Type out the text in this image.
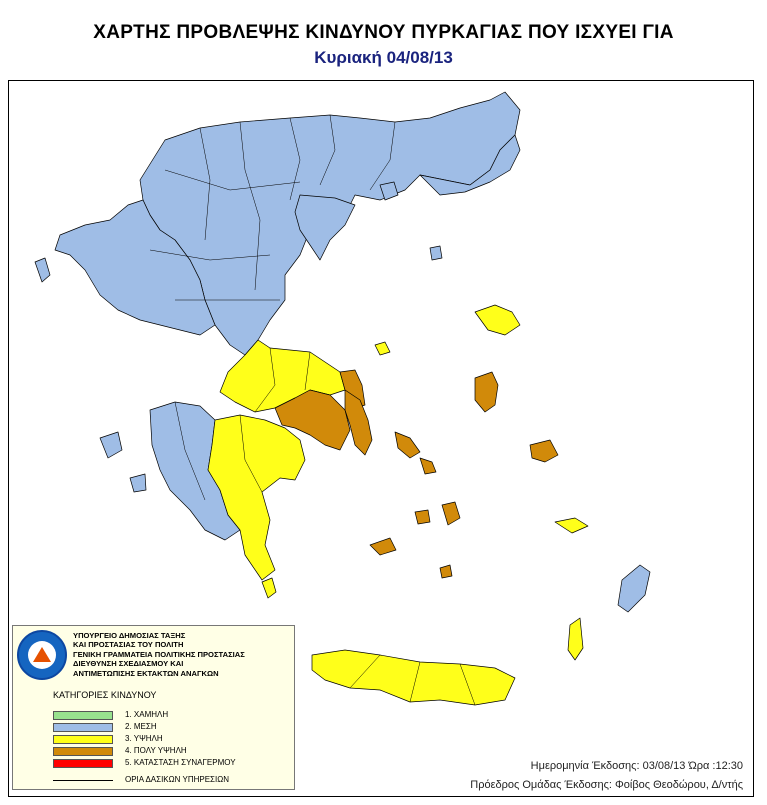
ΧΑΡΤΗΣ ΠΡΟΒΛΕΨΗΣ ΚΙΝΔΥΝΟΥ ΠΥΡΚΑΓΙΑΣ ΠΟΥ ΙΣΧΥΕΙ ΓΙΑ
Κυριακή 04/08/13
ΥΠΟΥΡΓΕΙΟ ΔΗΜΟΣΙΑΣ ΤΑΞΗΣ
ΚΑΙ ΠΡΟΣΤΑΣΙΑΣ ΤΟΥ ΠΟΛΙΤΗ
ΓΕΝΙΚΗ ΓΡΑΜΜΑΤΕΙΑ ΠΟΛΙΤΙΚΗΣ ΠΡΟΣΤΑΣΙΑΣ
ΔΙΕΥΘΥΝΣΗ ΣΧΕΔΙΑΣΜΟΥ ΚΑΙ
ΑΝΤΙΜΕΤΩΠΙΣΗΣ ΕΚΤΑΚΤΩΝ ΑΝΑΓΚΩΝ
ΚΑΤΗΓΟΡΙΕΣ ΚΙΝΔΥΝΟΥ
1. ΧΑΜΗΛΗ
2. ΜΕΣΗ
3. ΥΨΗΛΗ
4. ΠΟΛΥ ΥΨΗΛΗ
5. ΚΑΤΑΣΤΑΣΗ ΣΥΝΑΓΕΡΜΟΥ
ΟΡΙΑ ΔΑΣΙΚΩΝ ΥΠΗΡΕΣΙΩΝ
Ημερομηνία Έκδοσης: 03/08/13 Ώρα :12:30
Πρόεδρος Ομάδας Έκδοσης: Φοίβος Θεοδώρου, Δ/ντής
